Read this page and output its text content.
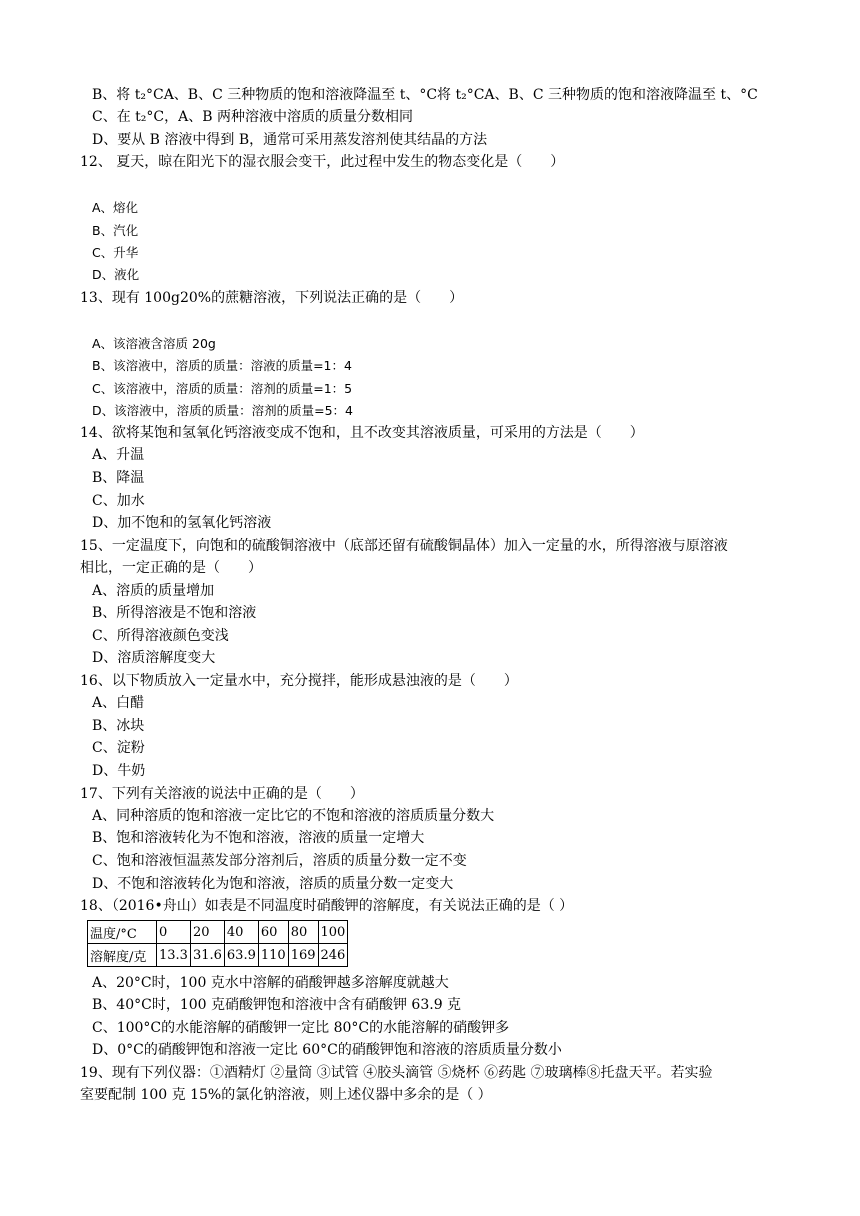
B、将 t₂°CA、B、C 三种物质的饱和溶液降温至 t、°C将 t₂°CA、B、C 三种物质的饱和溶液降温至 t、°C
C、在 t₂°C，A、B 两种溶液中溶质的质量分数相同
D、要从 B 溶液中得到 B，通常可采用蒸发溶剂使其结晶的方法
12、 夏天，晾在阳光下的湿衣服会变干，此过程中发生的物态变化是（　　）
A、熔化
B、汽化
C、升华
D、液化
13、现有 100g20%的蔗糖溶液，下列说法正确的是（　　）
A、该溶液含溶质 20g
B、该溶液中，溶质的质量：溶液的质量=1：4
C、该溶液中，溶质的质量：溶剂的质量=1：5
D、该溶液中，溶质的质量：溶剂的质量=5：4
14、欲将某饱和氢氧化钙溶液变成不饱和，且不改变其溶液质量，可采用的方法是（　　）
A、升温
B、降温
C、加水
D、加不饱和的氢氧化钙溶液
15、一定温度下，向饱和的硫酸铜溶液中（底部还留有硫酸铜晶体）加入一定量的水，所得溶液与原溶液
相比，一定正确的是（　　）
A、溶质的质量增加
B、所得溶液是不饱和溶液
C、所得溶液颜色变浅
D、溶质溶解度变大
16、以下物质放入一定量水中，充分搅拌，能形成悬浊液的是（　　）
A、白醋
B、冰块
C、淀粉
D、牛奶
17、下列有关溶液的说法中正确的是（　　）
A、同种溶质的饱和溶液一定比它的不饱和溶液的溶质质量分数大
B、饱和溶液转化为不饱和溶液，溶液的质量一定增大
C、饱和溶液恒温蒸发部分溶剂后，溶质的质量分数一定不变
D、不饱和溶液转化为饱和溶液，溶质的质量分数一定变大
18、（2016•舟山）如表是不同温度时硝酸钾的溶解度，有关说法正确的是（ ）
温度/°C	0	20	40	60	80	100
溶解度/克	13.3	31.6	63.9	110	169	246
A、20°C时，100 克水中溶解的硝酸钾越多溶解度就越大
B、40°C时，100 克硝酸钾饱和溶液中含有硝酸钾 63.9 克
C、100°C的水能溶解的硝酸钾一定比 80°C的水能溶解的硝酸钾多
D、0°C的硝酸钾饱和溶液一定比 60°C的硝酸钾饱和溶液的溶质质量分数小
19、现有下列仪器：①酒精灯 ②量筒 ③试管 ④胶头滴管 ⑤烧杯 ⑥药匙 ⑦玻璃棒⑧托盘天平。若实验
室要配制 100 克 15%的氯化钠溶液，则上述仪器中多余的是（ ）
